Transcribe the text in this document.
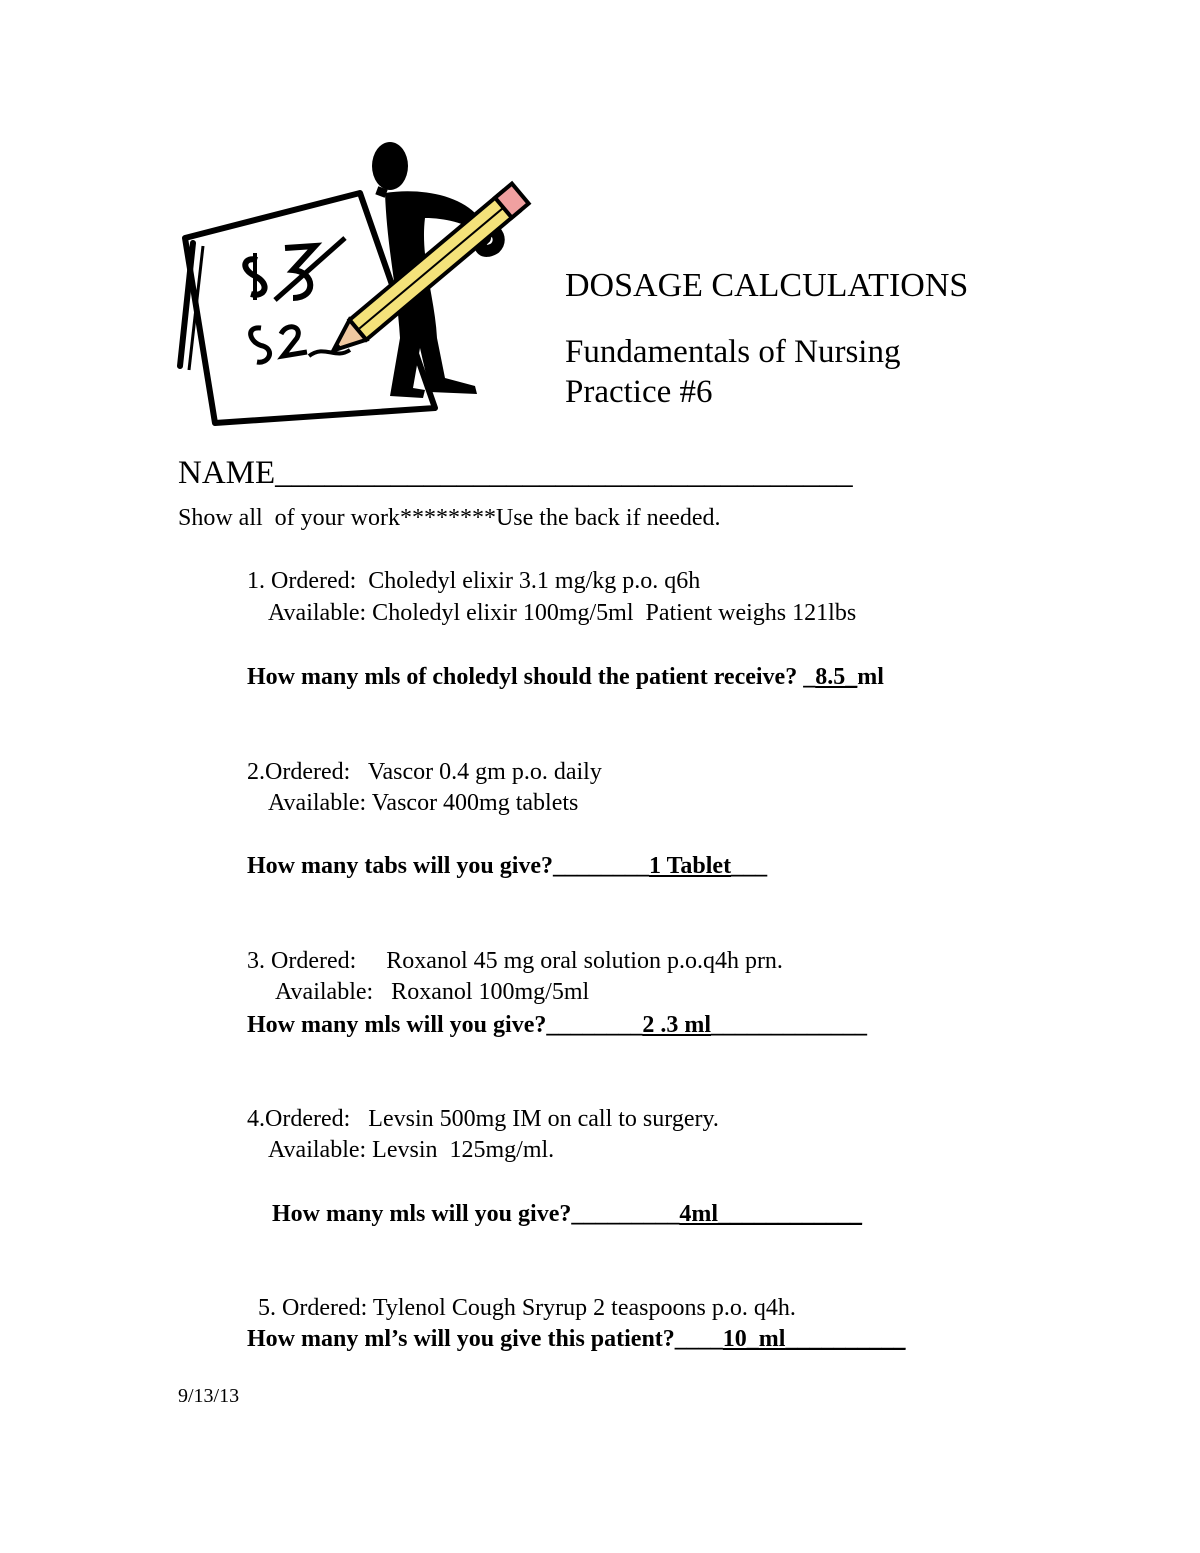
DOSAGE CALCULATIONS
Fundamentals of Nursing
Practice #6
NAME___________________________________
Show all  of your work********Use the back if needed.
1. Ordered:  Choledyl elixir 3.1 mg/kg p.o. q6h
Available: Choledyl elixir 100mg/5ml  Patient weighs 121lbs
How many mls of choledyl should the patient receive? _8.5_ml
2.Ordered:   Vascor 0.4 gm p.o. daily
Available: Vascor 400mg tablets
How many tabs will you give?________1 Tablet___
3. Ordered:     Roxanol 45 mg oral solution p.o.q4h prn.
Available:   Roxanol 100mg/5ml
How many mls will you give?________2 .3 ml_____________
4.Ordered:   Levsin 500mg IM on call to surgery.
Available: Levsin  125mg/ml.
How many mls will you give?_________4ml____________
5. Ordered: Tylenol Cough Sryrup 2 teaspoons p.o. q4h.
How many ml’s will you give this patient?____10_ml__________
9/13/13
